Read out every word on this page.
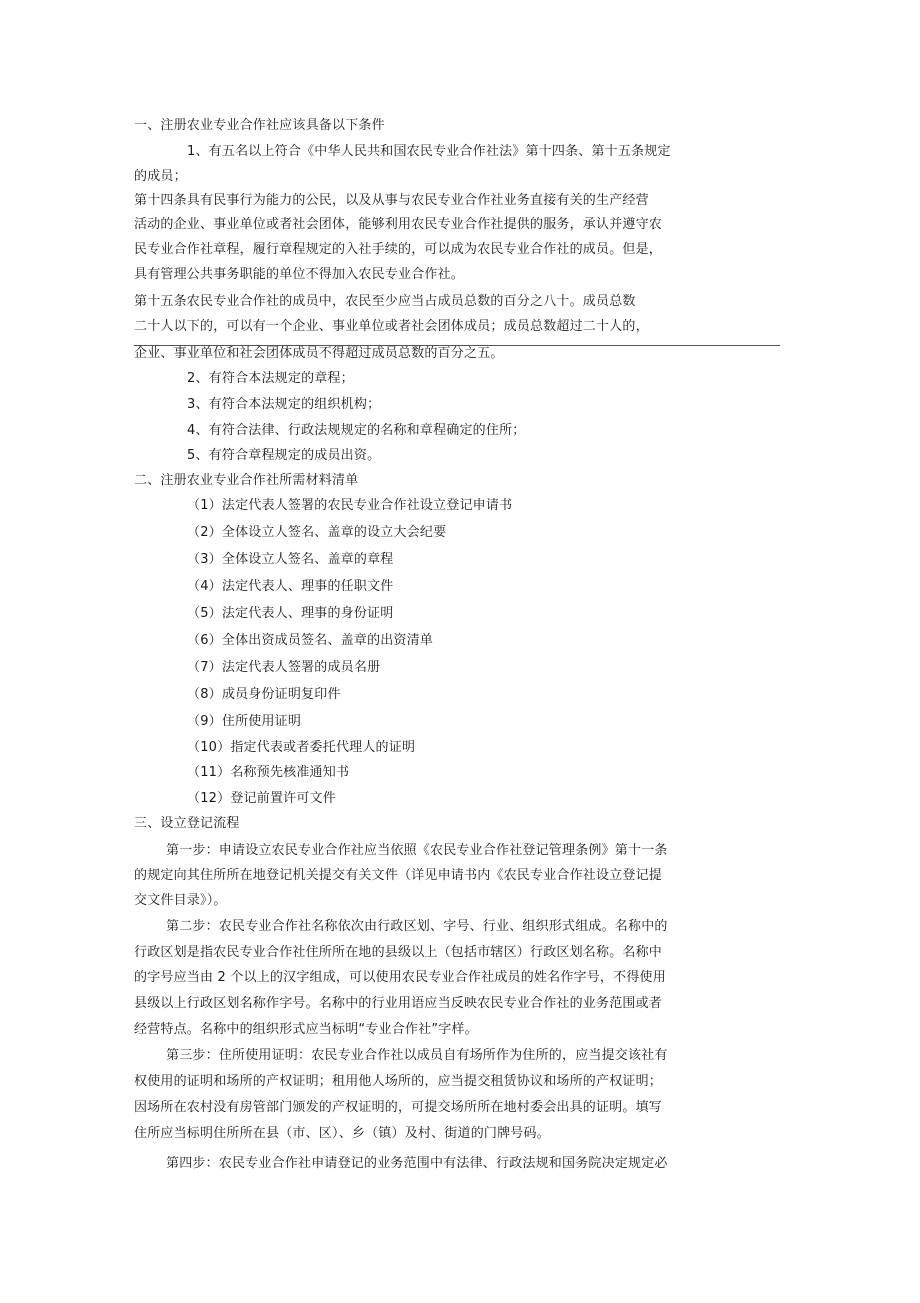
一、注册农业专业合作社应该具备以下条件
1、有五名以上符合《中华人民共和国农民专业合作社法》第十四条、第十五条规定
的成员；
第十四条具有民事行为能力的公民，以及从事与农民专业合作社业务直接有关的生产经营
活动的企业、事业单位或者社会团体，能够利用农民专业合作社提供的服务，承认并遵守农
民专业合作社章程，履行章程规定的入社手续的，可以成为农民专业合作社的成员。但是，
具有管理公共事务职能的单位不得加入农民专业合作社。
第十五条农民专业合作社的成员中，农民至少应当占成员总数的百分之八十。成员总数
二十人以下的，可以有一个企业、事业单位或者社会团体成员；成员总数超过二十人的，
企业、事业单位和社会团体成员不得超过成员总数的百分之五。
2、有符合本法规定的章程；
3、有符合本法规定的组织机构；
4、有符合法律、行政法规规定的名称和章程确定的住所；
5、有符合章程规定的成员出资。
二、注册农业专业合作社所需材料清单
（1）法定代表人签署的农民专业合作社设立登记申请书
（2）全体设立人签名、盖章的设立大会纪要
（3）全体设立人签名、盖章的章程
（4）法定代表人、理事的任职文件
（5）法定代表人、理事的身份证明
（6）全体出资成员签名、盖章的出资清单
（7）法定代表人签署的成员名册
（8）成员身份证明复印件
（9）住所使用证明
（10）指定代表或者委托代理人的证明
（11）名称预先核准通知书
（12）登记前置许可文件
三、设立登记流程
第一步：申请设立农民专业合作社应当依照《农民专业合作社登记管理条例》第十一条
的规定向其住所所在地登记机关提交有关文件（详见申请书内《农民专业合作社设立登记提
交文件目录》）。
第二步：农民专业合作社名称依次由行政区划、字号、行业、组织形式组成。名称中的
行政区划是指农民专业合作社住所所在地的县级以上（包括市辖区）行政区划名称。名称中
的字号应当由 2 个以上的汉字组成，可以使用农民专业合作社成员的姓名作字号，不得使用
县级以上行政区划名称作字号。名称中的行业用语应当反映农民专业合作社的业务范围或者
经营特点。名称中的组织形式应当标明“专业合作社”字样。
第三步：住所使用证明：农民专业合作社以成员自有场所作为住所的，应当提交该社有
权使用的证明和场所的产权证明；租用他人场所的，应当提交租赁协议和场所的产权证明；
因场所在农村没有房管部门颁发的产权证明的，可提交场所所在地村委会出具的证明。填写
住所应当标明住所所在县（市、区）、乡（镇）及村、街道的门牌号码。
第四步：农民专业合作社申请登记的业务范围中有法律、行政法规和国务院决定规定必
